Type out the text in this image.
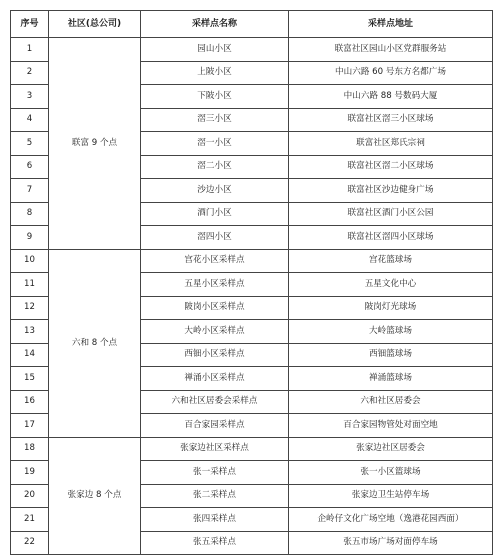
序号	社区(总公司)	采样点名称	采样点地址
1	联富 9 个点	园山小区	联富社区园山小区党群服务站
2		上陂小区	中山六路 60 号东方名都广场
3		下陂小区	中山六路 88 号数码大厦
4		滘三小区	联富社区滘三小区球场
5		滘一小区	联富社区郑氏宗祠
6		滘二小区	联富社区滘二小区球场
7		沙边小区	联富社区沙边健身广场
8		酒门小区	联富社区酒门小区公园
9		滘四小区	联富社区滘四小区球场
10	六和 8 个点	宫花小区采样点	宫花篮球场
11		五星小区采样点	五星文化中心
12		陂岗小区采样点	陂岗灯光球场
13		大岭小区采样点	大岭篮球场
14		西钿小区采样点	西钿篮球场
15		禅涌小区采样点	禅涌篮球场
16		六和社区居委会采样点	六和社区居委会
17		百合家园采样点	百合家园物管处对面空地
18	张家边 8 个点	张家边社区采样点	张家边社区居委会
19		张一采样点	张一小区篮球场
20		张二采样点	张家边卫生站停车场
21		张四采样点	企岭仔文化广场空地（逸港花园西面）
22		张五采样点	张五市场广场对面停车场
